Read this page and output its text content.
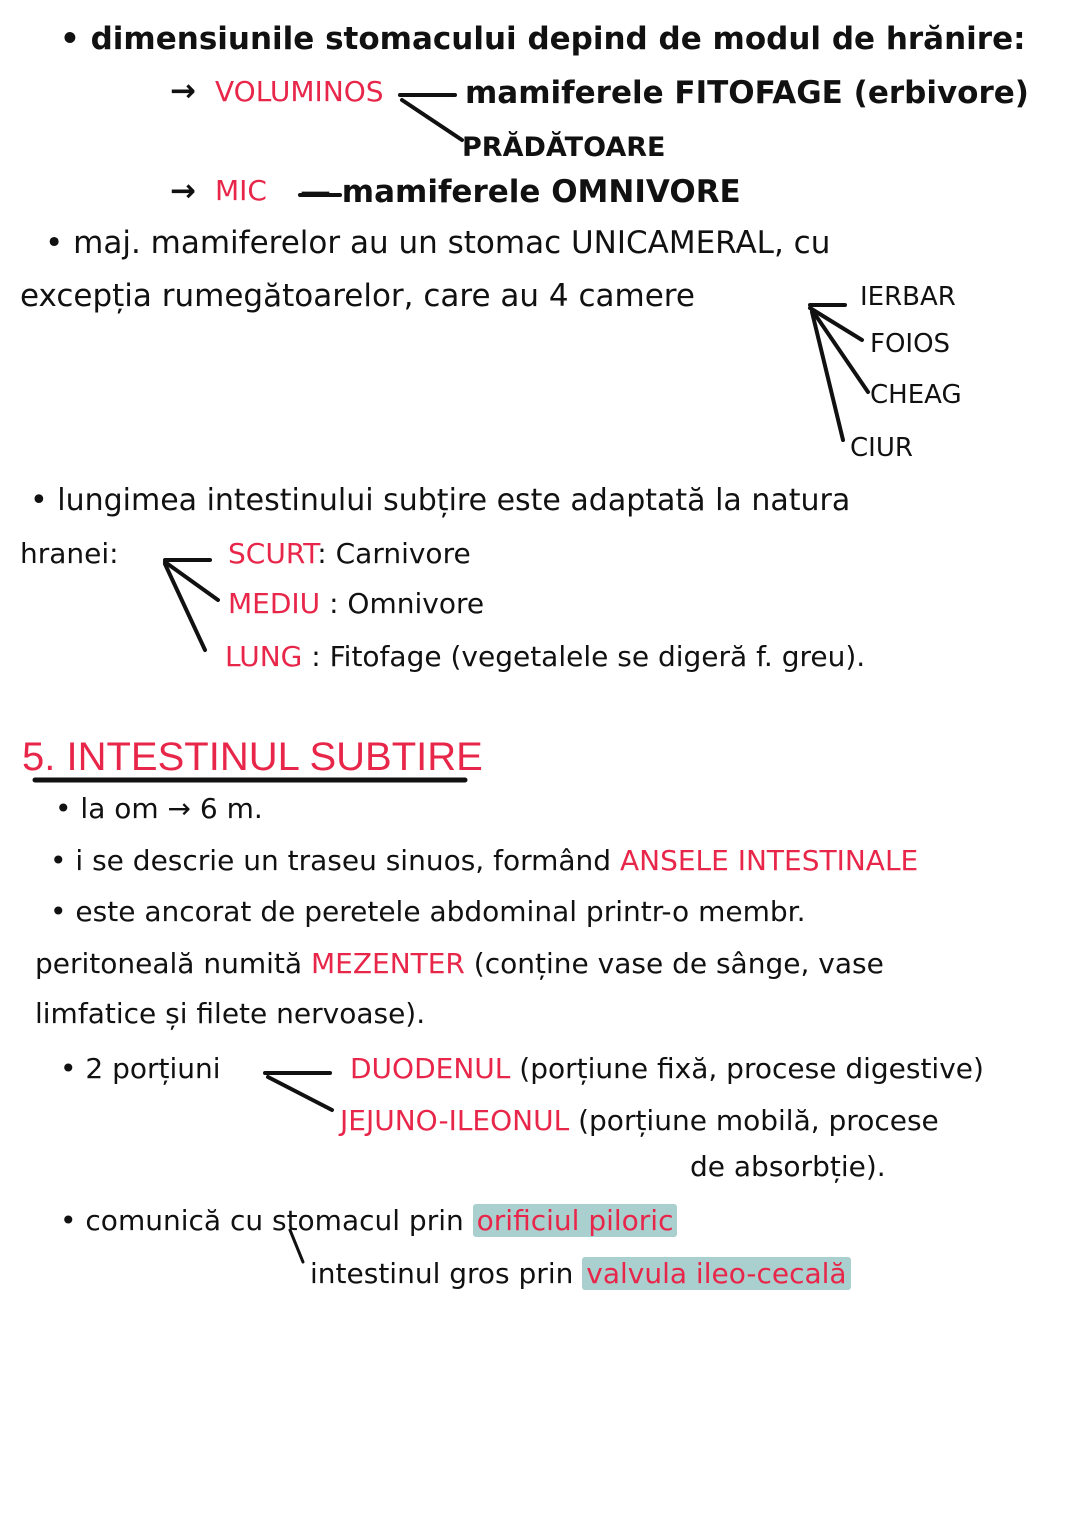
• dimensiunile stomacului depind de modul de hrănire:
→ VOLUMINOS	mamiferele FITOFAGE (erbivore)
PRĂDĂTOARE
→ MIC — mamiferele OMNIVORE
• maj. mamiferelor au un stomac UNICAMERAL, cu
excepția rumegătoarelor, care au 4 camere	IERBAR
FOIOS
CHEAG
CIUR
• lungimea intestinului subțire este adaptată la natura
hranei:	SCURT: Carnivore
MEDIU : Omnivore
LUNG : Fitofage (vegetalele se digeră f. greu).
5. INTESTINUL SUBTIRE
• la om → 6 m.
• i se descrie un traseu sinuos, formând ANSELE INTESTINALE
• este ancorat de peretele abdominal printr-o membr.
peritoneală numită MEZENTER (conține vase de sânge, vase
limfatice și filete nervoase).
• 2 porțiuni	DUODENUL (porțiune fixă, procese digestive)
JEJUNO-ILEONUL (porțiune mobilă, procese
de absorbție).
• comunică cu stomacul prin orificiul piloric
intestinul gros prin valvula ileo-cecală
